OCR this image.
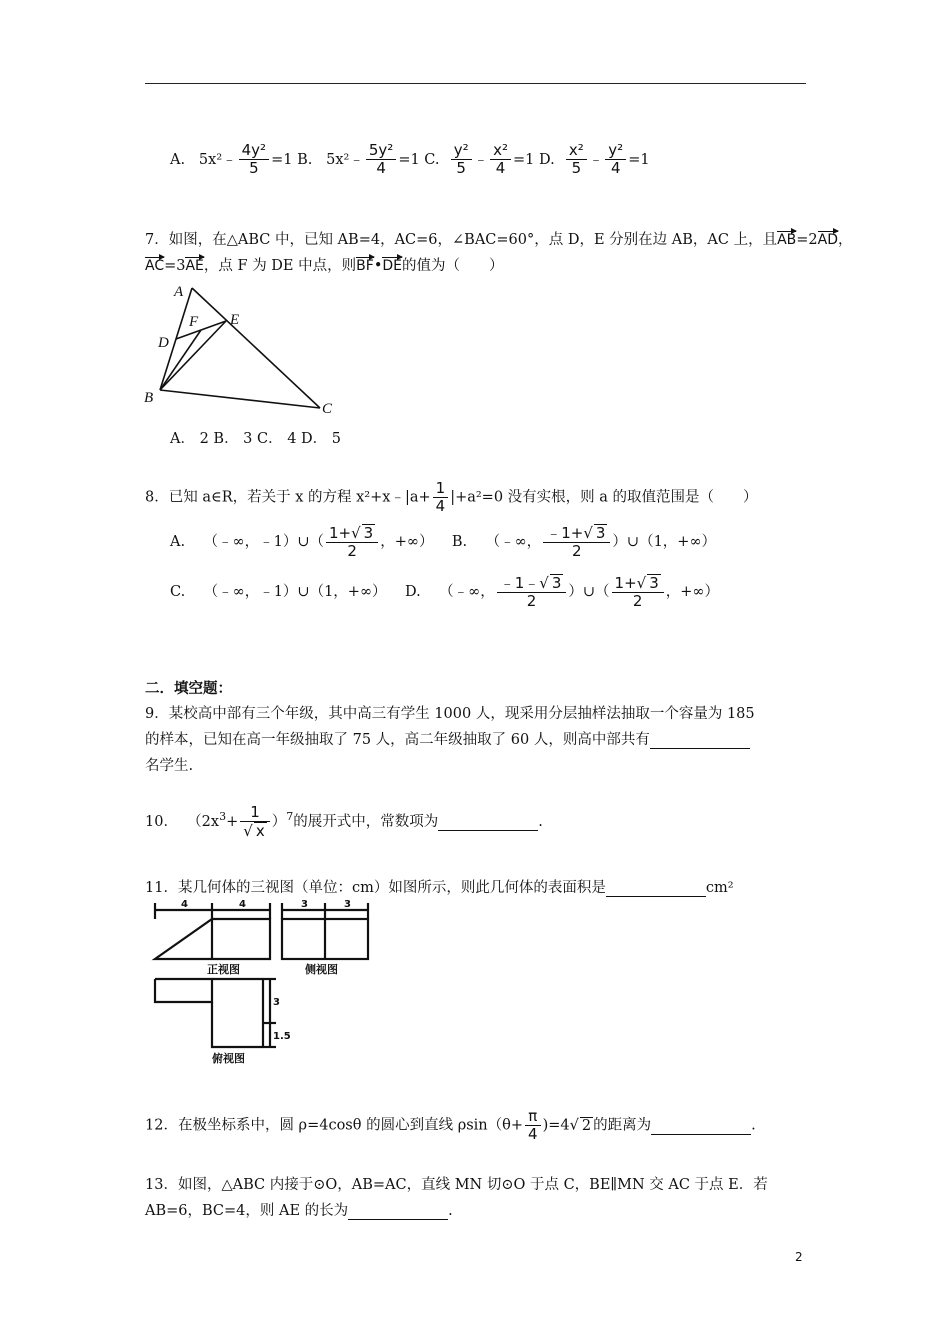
A. 5x²﹣ $\frac{\text{4y²}}{5} =1$ B. 5x²﹣ $\frac{\text{5y²}}{4} =1$ C. $\frac{\text{y²}}{5}$ ﹣ $\frac{\text{x²}}{4} =1$ D. $\frac{\text{x²}}{5}$ ﹣ $\frac{\text{y²}}{4} =1$
7．如图，在△ABC 中，已知 AB=4，AC=6，∠BAC=60°，点 D，E 分别在边 AB，AC 上，且AB=2AD，
AC=3AE，点 F 为 DE 中点，则BF•DE的值为（　　）
A
B
C
D
E
F
A． 2 B． 3 C． 4 D． 5
8．已知 a∈R，若关于 x 的方程 x²+x﹣|a+ $\frac{1}{4} |+a^2=0$ 没有实根，则 a 的取值范围是（　　）
A. （﹣∞，﹣1）∪（ $\frac{1+√ 3}{2}$ ，+∞） B. （﹣∞， $\frac{﹣1+√ 3}{2}$ ）∪（1，+∞）
C. （﹣∞，﹣1）∪（1，+∞） D. （﹣∞， $\frac{﹣1﹣√ 3}{2}$ ）∪（ $\frac{1+√ 3}{2}$ ，+∞）
二．填空题：
9．某校高中部有三个年级，其中高三有学生 1000 人，现采用分层抽样法抽取一个容量为 185
的样本，已知在高一年级抽取了 75 人，高二年级抽取了 60 人，则高中部共有
名学生.
10． $(2x^3+ \frac{1}{√ x} )^7$的展开式中，常数项为	.
11．某几何体的三视图（单位：cm）如图所示，则此几何体的表面积是	cm²
4	4	3	3
3
1.5
正视图	侧视图
俯视图
12．在极坐标系中，圆 ρ=4cosθ 的圆心到直线 $\rho\sin(\theta+ \frac{\pi}{4} )=4√$ 2 的距离为	.
13．如图，△ABC 内接于⊙O，AB=AC，直线 MN 切⊙O 于点 C，BE∥MN 交 AC 于点 E．若
AB=6，BC=4，则 AE 的长为	.
2
